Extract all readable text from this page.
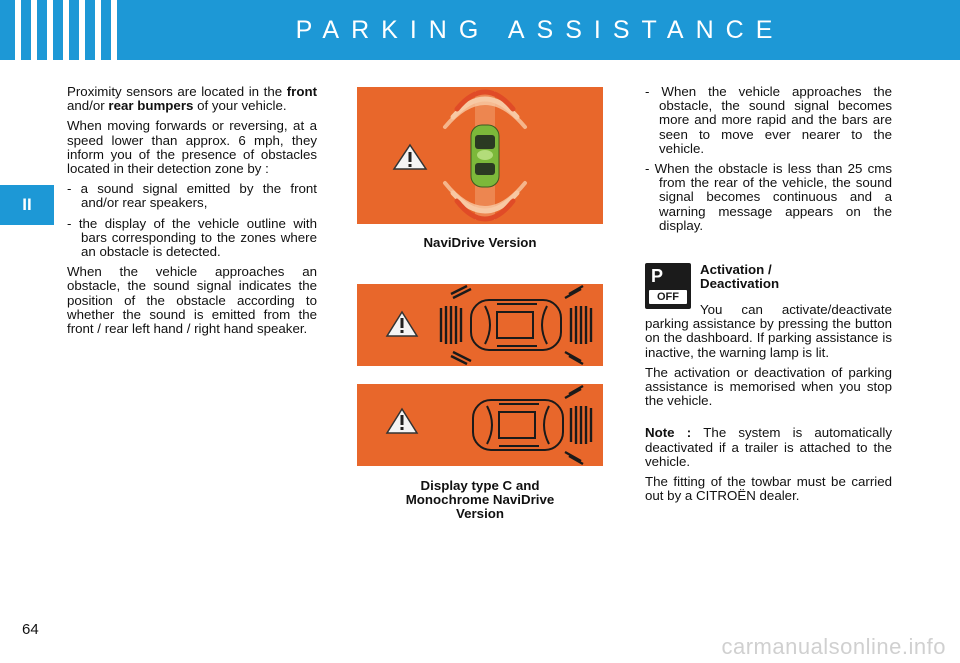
PARKING ASSISTANCE
II

Proximity sensors are located in the front and/or rear bumpers of your vehicle.

When moving forwards or reversing, at a speed lower than approx. 6 mph, they inform you of the presence of obstacles located in their detection zone by :

- a sound signal emitted by the front and/or rear speakers,

- the display of the vehicle outline with bars corresponding to the zones where an obstacle is detected.

When the vehicle approaches an obstacle, the sound signal indicates the position of the obstacle according to whether the sound is emitted from the front / rear left hand / right hand speaker.

NaviDrive Version
Display type C and
Monochrome NaviDrive
Version

- When the vehicle approaches the obstacle, the sound signal becomes more and more rapid and the bars are seen to move ever nearer to the vehicle.

- When the obstacle is less than 25 cms from the rear of the vehicle, the sound signal becomes continuous and a warning message appears on the display.

P
OFF
Activation /
Deactivation

You can activate/deactivate parking assistance by pressing the button on the dashboard. If parking assistance is inactive, the warning lamp is lit.

The activation or deactivation of parking assistance is memorised when you stop the vehicle.

Note : The system is automatically deactivated if a trailer is attached to the vehicle.

The fitting of the towbar must be carried out by a CITROËN dealer.

64
carmanualsonline.info
